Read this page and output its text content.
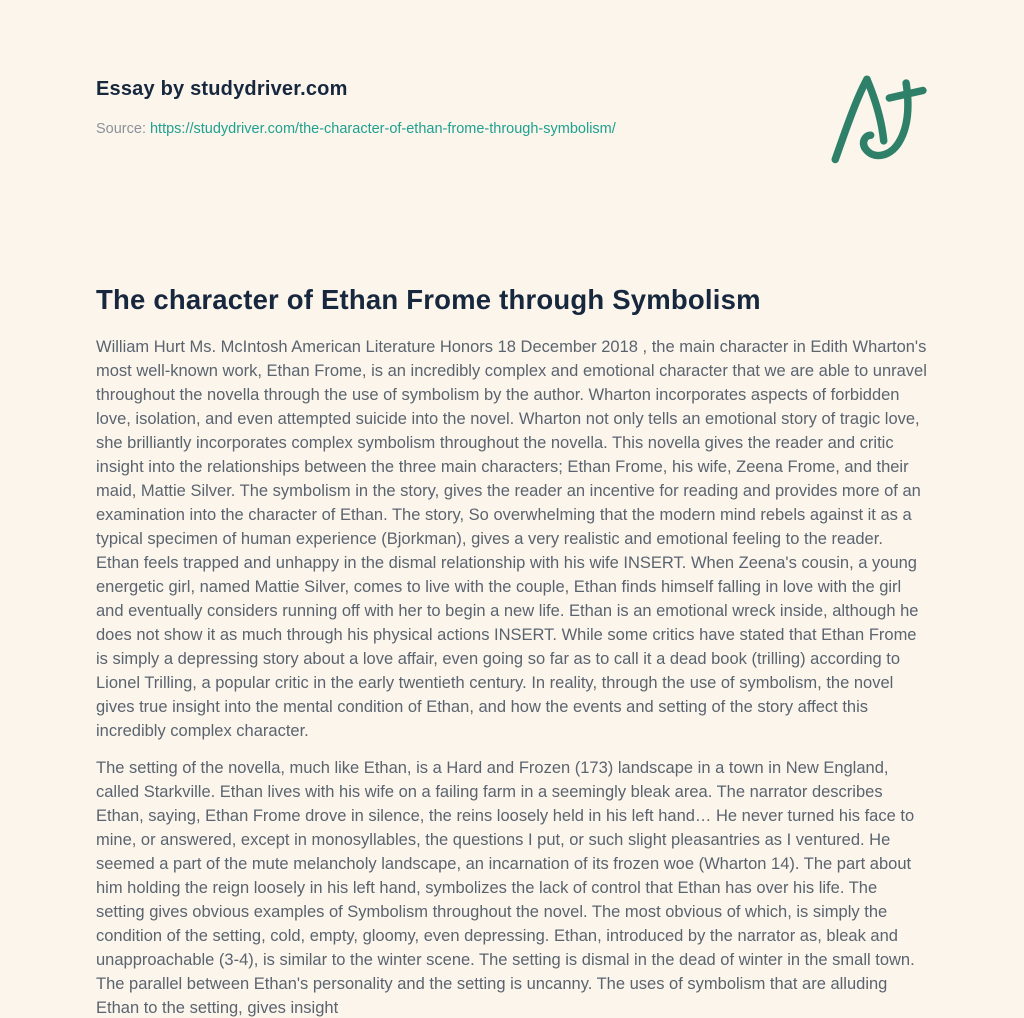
Essay by studydriver.com

Source: https://studydriver.com/the-character-of-ethan-frome-through-symbolism/

The character of Ethan Frome through Symbolism

William Hurt Ms. McIntosh American Literature Honors 18 December 2018 , the main character in Edith Wharton's most well-known work, Ethan Frome, is an incredibly complex and emotional character that we are able to unravel throughout the novella through the use of symbolism by the author. Wharton incorporates aspects of forbidden love, isolation, and even attempted suicide into the novel. Wharton not only tells an emotional story of tragic love, she brilliantly incorporates complex symbolism throughout the novella. This novella gives the reader and critic insight into the relationships between the three main characters; Ethan Frome, his wife, Zeena Frome, and their maid, Mattie Silver. The symbolism in the story, gives the reader an incentive for reading and provides more of an examination into the character of Ethan. The story, So overwhelming that the modern mind rebels against it as a typical specimen of human experience (Bjorkman), gives a very realistic and emotional feeling to the reader. Ethan feels trapped and unhappy in the dismal relationship with his wife INSERT. When Zeena's cousin, a young energetic girl, named Mattie Silver, comes to live with the couple, Ethan finds himself falling in love with the girl and eventually considers running off with her to begin a new life. Ethan is an emotional wreck inside, although he does not show it as much through his physical actions INSERT. While some critics have stated that Ethan Frome is simply a depressing story about a love affair, even going so far as to call it a dead book (trilling) according to Lionel Trilling, a popular critic in the early twentieth century. In reality, through the use of symbolism, the novel gives true insight into the mental condition of Ethan, and how the events and setting of the story affect this incredibly complex character.

The setting of the novella, much like Ethan, is a Hard and Frozen (173) landscape in a town in New England, called Starkville. Ethan lives with his wife on a failing farm in a seemingly bleak area. The narrator describes Ethan, saying, Ethan Frome drove in silence, the reins loosely held in his left hand… He never turned his face to mine, or answered, except in monosyllables, the questions I put, or such slight pleasantries as I ventured. He seemed a part of the mute melancholy landscape, an incarnation of its frozen woe (Wharton 14). The part about him holding the reign loosely in his left hand, symbolizes the lack of control that Ethan has over his life. The setting gives obvious examples of Symbolism throughout the novel. The most obvious of which, is simply the condition of the setting, cold, empty, gloomy, even depressing. Ethan, introduced by the narrator as, bleak and unapproachable (3-4), is similar to the winter scene. The setting is dismal in the dead of winter in the small town. The parallel between Ethan's personality and the setting is uncanny. The uses of symbolism that are alluding Ethan to the setting, gives insight
